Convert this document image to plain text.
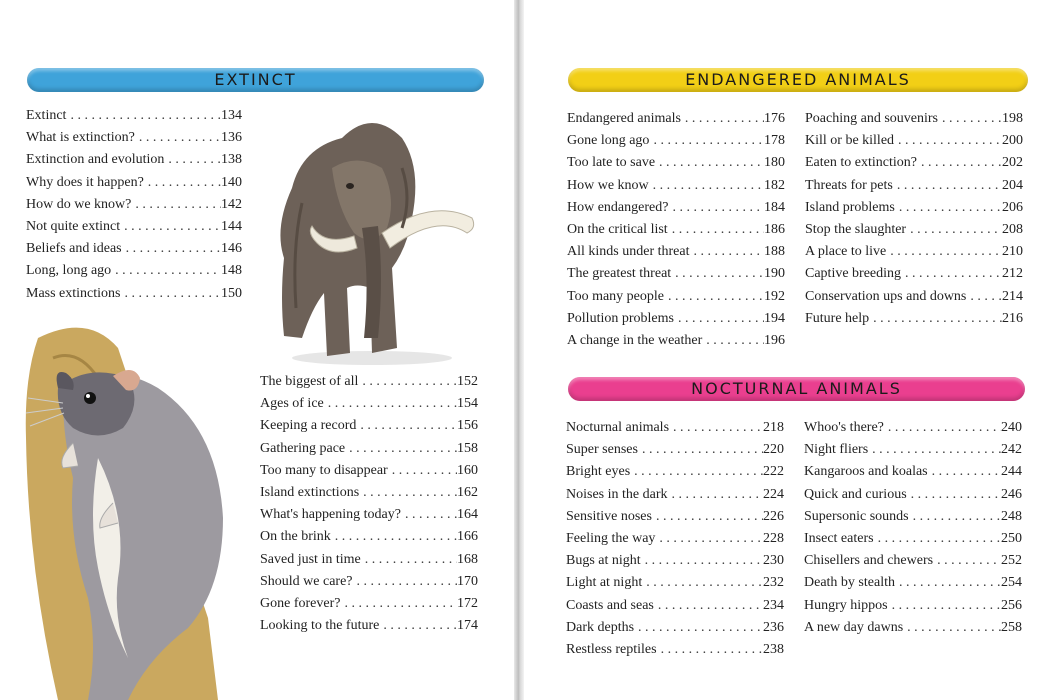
EXTINCT
Extinct . . .	134
What is extinction? . . .	136
Extinction and evolution . . .	138
Why does it happen? . . .	140
How do we know? . . .	142
Not quite extinct . . .	144
Beliefs and ideas . . .	146
Long, long ago . . .	148
Mass extinctions . . .	150
The biggest of all . . .	152
Ages of ice . . .	154
Keeping a record . . .	156
Gathering pace . . .	158
Too many to disappear . . .	160
Island extinctions . . .	162
What's happening today? . . .	164
On the brink . . .	166
Saved just in time . . .	168
Should we care? . . .	170
Gone forever? . . .	172
Looking to the future . . .	174
ENDANGERED ANIMALS
Endangered animals . . .	176
Gone long ago . . .	178
Too late to save . . .	180
How we know . . .	182
How endangered? . . .	184
On the critical list . . .	186
All kinds under threat . . .	188
The greatest threat . . .	190
Too many people . . .	192
Pollution problems . . .	194
A change in the weather . . .	196
Poaching and souvenirs . . .	198
Kill or be killed . . .	200
Eaten to extinction? . . .	202
Threats for pets . . .	204
Island problems . . .	206
Stop the slaughter . . .	208
A place to live . . .	210
Captive breeding . . .	212
Conservation ups and downs . . .	214
Future help . . .	216
NOCTURNAL ANIMALS
Nocturnal animals . . .	218
Super senses . . .	220
Bright eyes . . .	222
Noises in the dark . . .	224
Sensitive noses . . .	226
Feeling the way . . .	228
Bugs at night . . .	230
Light at night . . .	232
Coasts and seas . . .	234
Dark depths . . .	236
Restless reptiles . . .	238
Whoo's there? . . .	240
Night fliers . . .	242
Kangaroos and koalas . . .	244
Quick and curious . . .	246
Supersonic sounds . . .	248
Insect eaters . . .	250
Chisellers and chewers . . .	252
Death by stealth . . .	254
Hungry hippos . . .	256
A new day dawns . . .	258
